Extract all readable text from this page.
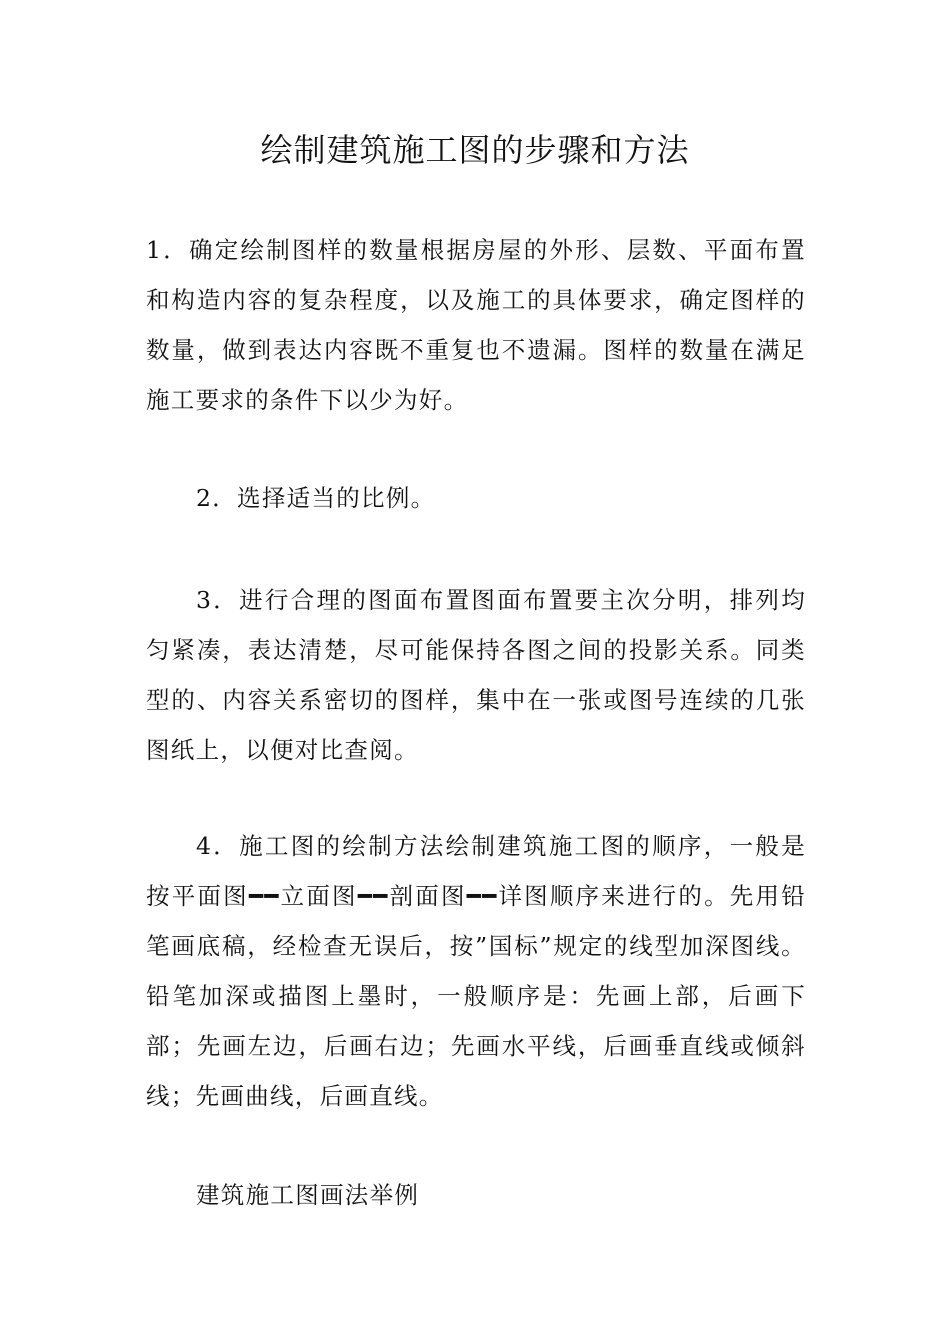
绘制建筑施工图的步骤和方法

1．确定绘制图样的数量根据房屋的外形、层数、平面布置和构造内容的复杂程度，以及施工的具体要求，确定图样的数量，做到表达内容既不重复也不遗漏。图样的数量在满足施工要求的条件下以少为好。

2．选择适当的比例。

3．进行合理的图面布置图面布置要主次分明，排列均匀紧凑，表达清楚，尽可能保持各图之间的投影关系。同类型的、内容关系密切的图样，集中在一张或图号连续的几张图纸上，以便对比查阅。

4．施工图的绘制方法绘制建筑施工图的顺序，一般是按平面图━━立面图━━剖面图━━详图顺序来进行的。先用铅笔画底稿，经检查无误后，按”国标”规定的线型加深图线。铅笔加深或描图上墨时，一般顺序是：先画上部，后画下部；先画左边，后画右边；先画水平线，后画垂直线或倾斜线；先画曲线，后画直线。

建筑施工图画法举例
